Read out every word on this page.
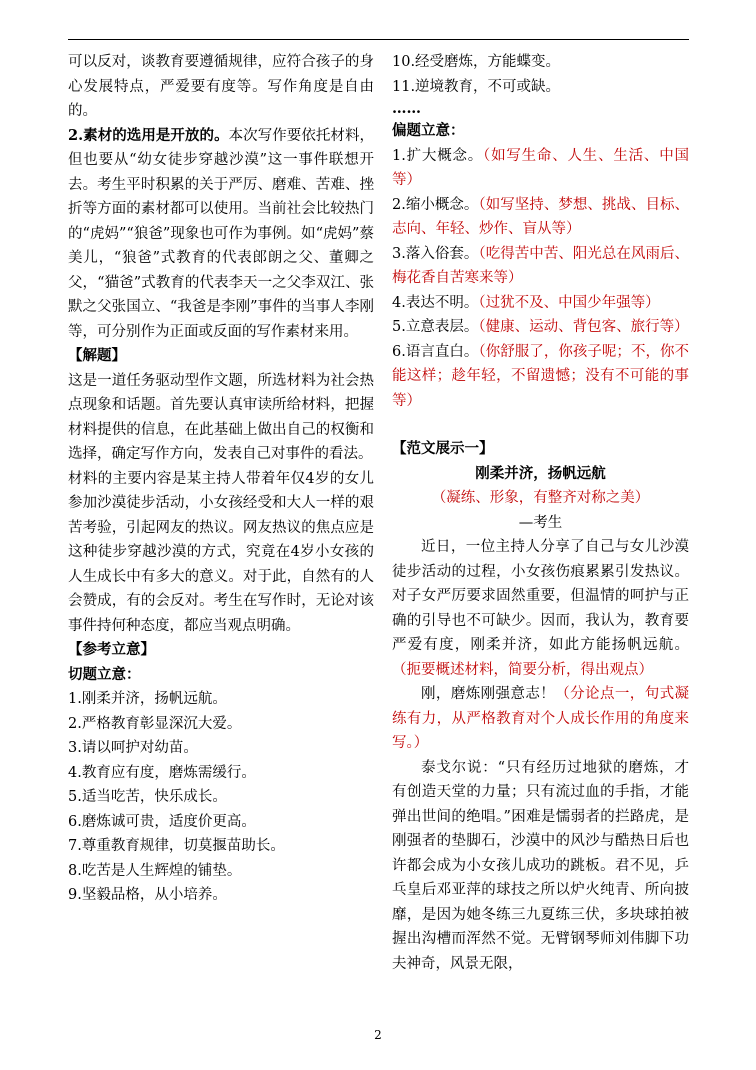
可以反对，谈教育要遵循规律，应符合孩子的身心发展特点，严爱要有度等。写作角度是自由的。

2.素材的选用是开放的。本次写作要依托材料，但也要从“幼女徒步穿越沙漠”这一事件联想开去。考生平时积累的关于严厉、磨难、苦难、挫折等方面的素材都可以使用。当前社会比较热门的“虎妈”“狼爸”现象也可作为事例。如“虎妈”蔡美儿，“狼爸”式教育的代表郎朗之父、董卿之父，“猫爸”式教育的代表李天一之父李双江、张默之父张国立、“我爸是李刚”事件的当事人李刚等，可分别作为正面或反面的写作素材来用。

【解题】

这是一道任务驱动型作文题，所选材料为社会热点现象和话题。首先要认真审读所给材料，把握材料提供的信息，在此基础上做出自己的权衡和选择，确定写作方向，发表自己对事件的看法。

材料的主要内容是某主持人带着年仅4岁的女儿参加沙漠徒步活动，小女孩经受和大人一样的艰苦考验，引起网友的热议。网友热议的焦点应是这种徒步穿越沙漠的方式，究竟在4岁小女孩的人生成长中有多大的意义。对于此，自然有的人会赞成，有的会反对。考生在写作时，无论对该事件持何种态度，都应当观点明确。

【参考立意】

切题立意：

1.刚柔并济，扬帆远航。

2.严格教育彰显深沉大爱。

3.请以呵护对幼苗。

4.教育应有度，磨炼需缓行。

5.适当吃苦，快乐成长。

6.磨炼诚可贵，适度价更高。

7.尊重教育规律，切莫揠苗助长。

8.吃苦是人生辉煌的铺垫。

9.坚毅品格，从小培养。

10.经受磨炼，方能蝶变。

11.逆境教育，不可或缺。

……

偏题立意：

1.扩大概念。（如写生命、人生、生活、中国等）

2.缩小概念。（如写坚持、梦想、挑战、目标、志向、年轻、炒作、盲从等）

3.落入俗套。（吃得苦中苦、阳光总在风雨后、梅花香自苦寒来等）

4.表达不明。（过犹不及、中国少年强等）

5.立意表层。（健康、运动、背包客、旅行等）

6.语言直白。（你舒服了，你孩子呢；不，你不能这样；趁年轻，不留遗憾；没有不可能的事等）

【范文展示一】

刚柔并济，扬帆远航

（凝练、形象，有整齐对称之美）

—考生

近日，一位主持人分享了自己与女儿沙漠徒步活动的过程，小女孩伤痕累累引发热议。对子女严厉要求固然重要，但温情的呵护与正确的引导也不可缺少。因而，我认为，教育要严爱有度，刚柔并济，如此方能扬帆远航。（扼要概述材料，简要分析，得出观点）

刚，磨炼刚强意志！（分论点一，句式凝练有力，从严格教育对个人成长作用的角度来写。）

泰戈尔说：“只有经历过地狱的磨炼，才有创造天堂的力量；只有流过血的手指，才能弹出世间的绝唱。”困难是懦弱者的拦路虎，是刚强者的垫脚石，沙漠中的风沙与酷热日后也许都会成为小女孩儿成功的跳板。君不见，乒乓皇后邓亚萍的球技之所以炉火纯青、所向披靡，是因为她冬练三九夏练三伏，多块球拍被握出沟槽而浑然不觉。无臂钢琴师刘伟脚下功夫神奇，风景无限，

2
